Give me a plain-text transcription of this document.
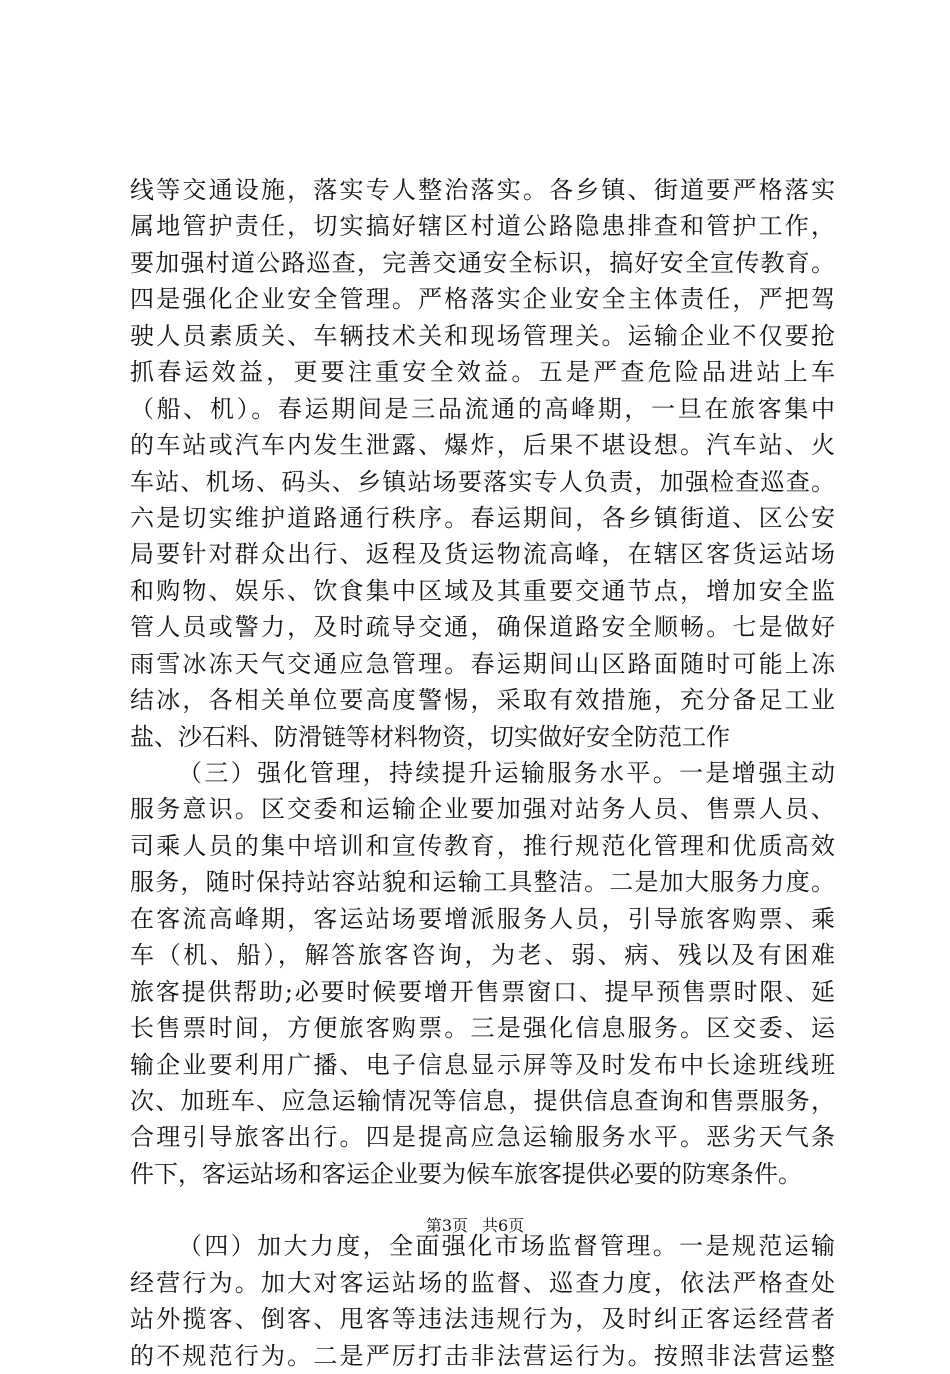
线等交通设施，落实专人整治落实。各乡镇、街道要严格落实
属地管护责任，切实搞好辖区村道公路隐患排查和管护工作，
要加强村道公路巡查，完善交通安全标识，搞好安全宣传教育。
四是强化企业安全管理。严格落实企业安全主体责任，严把驾
驶人员素质关、车辆技术关和现场管理关。运输企业不仅要抢
抓春运效益，更要注重安全效益。五是严查危险品进站上车
（船、机）。春运期间是三品流通的高峰期，一旦在旅客集中
的车站或汽车内发生泄露、爆炸，后果不堪设想。汽车站、火
车站、机场、码头、乡镇站场要落实专人负责，加强检查巡查。
六是切实维护道路通行秩序。春运期间，各乡镇街道、区公安
局要针对群众出行、返程及货运物流高峰，在辖区客货运站场
和购物、娱乐、饮食集中区域及其重要交通节点，增加安全监
管人员或警力，及时疏导交通，确保道路安全顺畅。七是做好
雨雪冰冻天气交通应急管理。春运期间山区路面随时可能上冻
结冰，各相关单位要高度警惕，采取有效措施，充分备足工业
盐、沙石料、防滑链等材料物资，切实做好安全防范工作
（三）强化管理，持续提升运输服务水平。一是增强主动
服务意识。区交委和运输企业要加强对站务人员、售票人员、
司乘人员的集中培训和宣传教育，推行规范化管理和优质高效
服务，随时保持站容站貌和运输工具整洁。二是加大服务力度。
在客流高峰期，客运站场要增派服务人员，引导旅客购票、乘
车（机、船），解答旅客咨询，为老、弱、病、残以及有困难
旅客提供帮助;必要时候要增开售票窗口、提早预售票时限、延
长售票时间，方便旅客购票。三是强化信息服务。区交委、运
输企业要利用广播、电子信息显示屏等及时发布中长途班线班
次、加班车、应急运输情况等信息，提供信息查询和售票服务，
合理引导旅客出行。四是提高应急运输服务水平。恶劣天气条
件下，客运站场和客运企业要为候车旅客提供必要的防寒条件。
（四）加大力度，全面强化市场监督管理。一是规范运输
经营行为。加大对客运站场的监督、巡查力度，依法严格查处
站外揽客、倒客、甩客等违法违规行为，及时纠正客运经营者
的不规范行为。二是严厉打击非法营运行为。按照非法营运整
第3页 共6页
